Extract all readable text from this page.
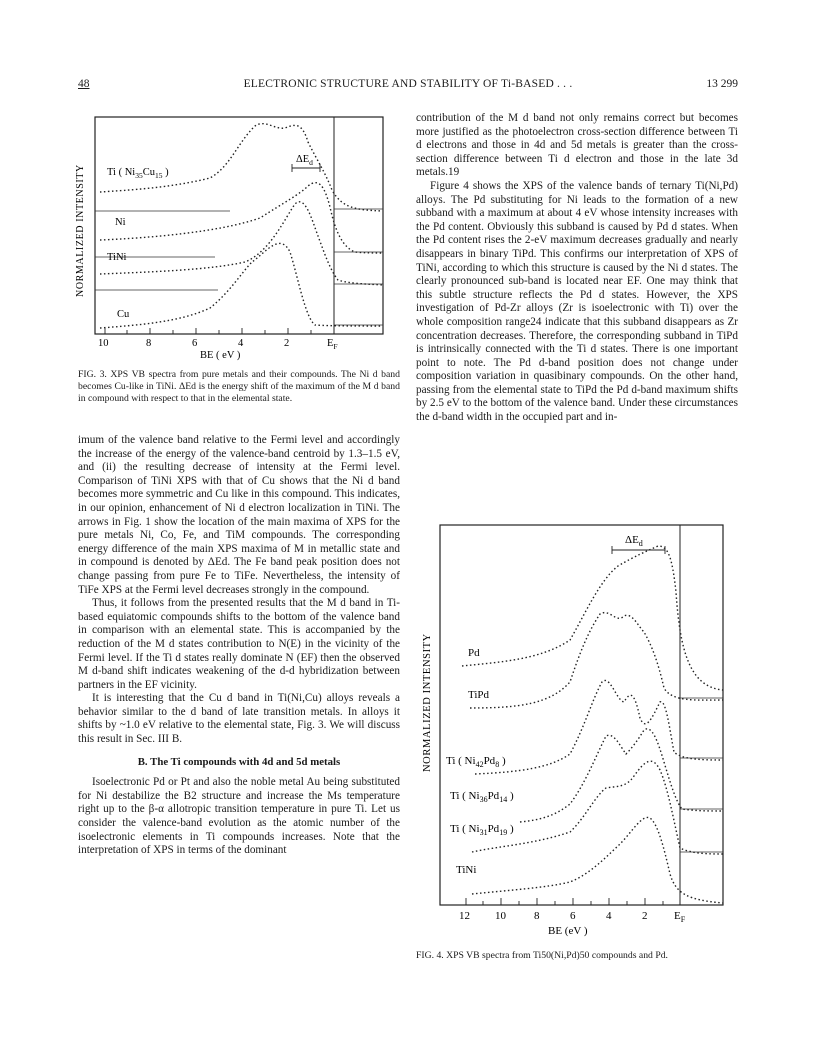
48	ELECTRONIC STRUCTURE AND STABILITY OF Ti-BASED . . .	13 299
$\Delta E_d$
Ti ( $Ni_{35}Cu_{15}$ )
Ni
TiNi
Cu
NORMALIZED INTENSITY
10	8	6	4	2	$E_F$
BE ( eV )
FIG. 3. XPS VB spectra from pure metals and their compounds. The Ni d band becomes Cu-like in TiNi. ΔEd is the energy shift of the maximum of the M d band in compound with respect to that in the elemental state.

imum of the valence band relative to the Fermi level and accordingly the increase of the energy of the valence-band centroid by 1.3–1.5 eV, and (ii) the resulting decrease of intensity at the Fermi level. Comparison of TiNi XPS with that of Cu shows that the Ni d band becomes more symmetric and Cu like in this compound. This indicates, in our opinion, enhancement of Ni d electron localization in TiNi. The arrows in Fig. 1 show the location of the main maxima of XPS for the pure metals Ni, Co, Fe, and TiM compounds. The corresponding energy difference of the main XPS maxima of M in metallic state and in compound is denoted by ΔEd. The Fe band peak position does not change passing from pure Fe to TiFe. Nevertheless, the intensity of TiFe XPS at the Fermi level decreases strongly in the compound.

Thus, it follows from the presented results that the M d band in Ti-based equiatomic compounds shifts to the bottom of the valence band in comparison with an elemental state. This is accompanied by the reduction of the M d states contribution to N(E) in the vicinity of the Fermi level. If the Ti d states really dominate N (EF) then the observed M d-band shift indicates weakening of the d-d hybridization between partners in the EF vicinity.

It is interesting that the Cu d band in Ti(Ni,Cu) alloys reveals a behavior similar to the d band of late transition metals. In alloys it shifts by ~1.0 eV relative to the elemental state, Fig. 3. We will discuss this result in Sec. III B.

B. The Ti compounds with 4d and 5d metals

Isoelectronic Pd or Pt and also the noble metal Au being substituted for Ni destabilize the B2 structure and increase the Ms temperature right up to the β-α allotropic transition temperature in pure Ti. Let us consider the valence-band evolution as the atomic number of the isoelectronic elements in Ti compounds increases. Note that the interpretation of XPS in terms of the dominant

contribution of the M d band not only remains correct but becomes more justified as the photoelectron cross-section difference between Ti d electrons and those in 4d and 5d metals is greater than the cross-section difference between Ti d electron and those in the late 3d metals.19

Figure 4 shows the XPS of the valence bands of ternary Ti(Ni,Pd) alloys. The Pd substituting for Ni leads to the formation of a new subband with a maximum at about 4 eV whose intensity increases with the Pd content. Obviously this subband is caused by Pd d states. When the Pd content rises the 2-eV maximum decreases gradually and nearly disappears in binary TiPd. This confirms our interpretation of XPS of TiNi, according to which this structure is caused by the Ni d states. The clearly pronounced sub-band is located near EF. One may think that this subtle structure reflects the Pd d states. However, the XPS investigation of Pd-Zr alloys (Zr is isoelectronic with Ti) over the whole composition range24 indicate that this subband disappears as Zr concentration decreases. Therefore, the corresponding subband in TiPd is intrinsically connected with the Ti d states. There is one important point to note. The Pd d-band position does not change under composition variation in quasibinary compounds. On the other hand, passing from the elemental state to TiPd the Pd d-band maximum shifts by 2.5 eV to the bottom of the valence band. Under these circumstances the d-band width in the occupied part and in-

$\Delta E_d$
Pd
TiPd
Ti ( $Ni_{42}Pd_8$ )
Ti ( $Ni_{36}Pd_{14}$ )
Ti ( $Ni_{31}Pd_{19}$ )
TiNi
NORMALIZED INTENSITY
12 10	8	6	4	2 $E_F$
BE (eV )
FIG. 4. XPS VB spectra from Ti50(Ni,Pd)50 compounds and Pd.
